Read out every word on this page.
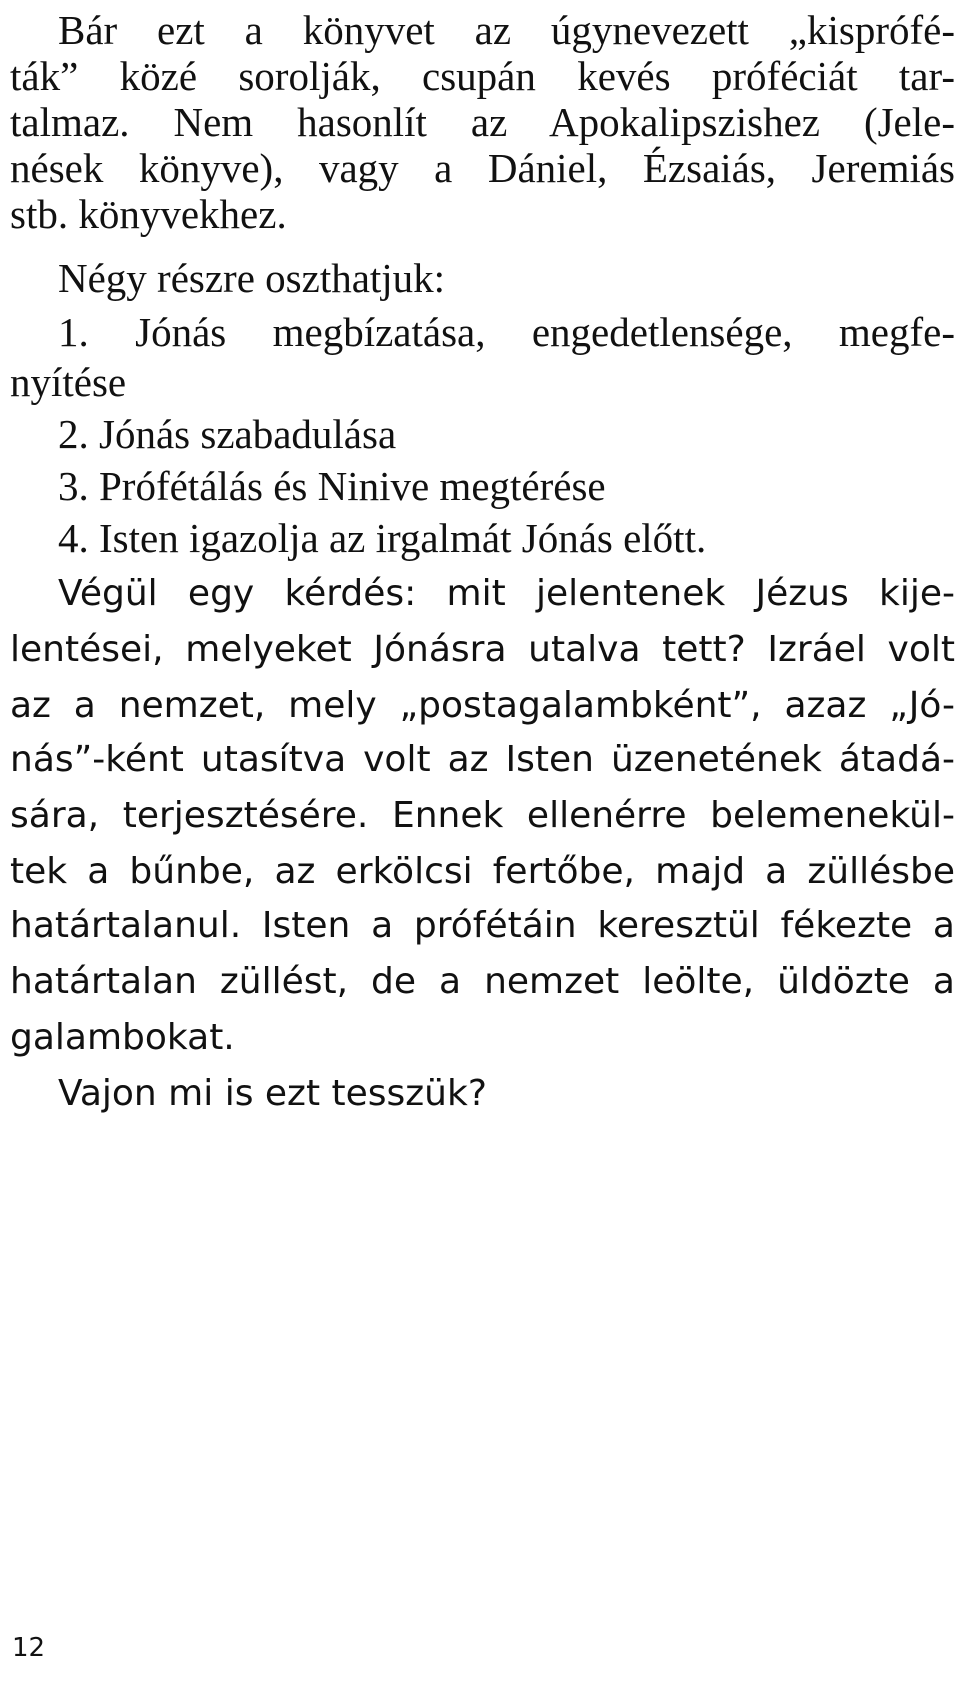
Bár ezt a könyvet az úgynevezett „kisprófé-
ták” közé sorolják, csupán kevés próféciát tar-
talmaz. Nem hasonlít az Apokalipszishez (Jele-
nések könyve), vagy a Dániel, Ézsaiás, Jeremiás
stb. könyvekhez.
Négy részre oszthatjuk:
1. Jónás megbízatása, engedetlensége, megfe-
nyítése
2. Jónás szabadulása
3. Prófétálás és Ninive megtérése
4. Isten igazolja az irgalmát Jónás előtt.
Végül egy kérdés: mit jelentenek Jézus kije-
lentései, melyeket Jónásra utalva tett? Izráel volt
az a nemzet, mely „postagalambként”, azaz „Jó-
nás”-ként utasítva volt az Isten üzenetének átadá-
sára, terjesztésére. Ennek ellenérre belemenekül-
tek a bűnbe, az erkölcsi fertőbe, majd a züllésbe
határtalanul. Isten a prófétáin keresztül fékezte a
határtalan züllést, de a nemzet leölte, üldözte a
galambokat.
Vajon mi is ezt tesszük?
12
